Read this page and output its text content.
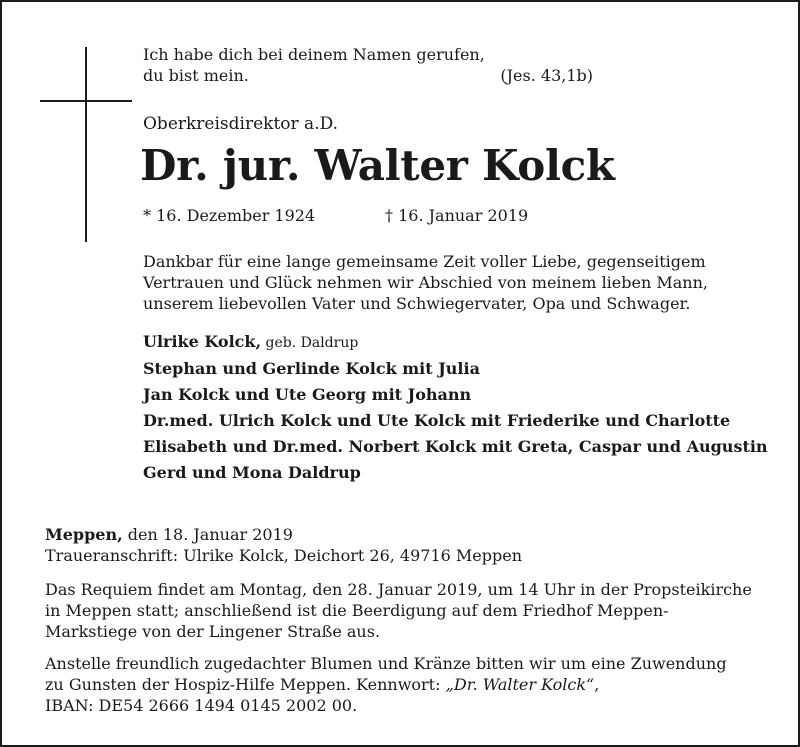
Ich habe dich bei deinem Namen gerufen,
du bist mein.	(Jes. 43,1b)
Oberkreisdirektor a.D.
Dr. jur. Walter Kolck
* 16. Dezember 1924	† 16. Januar 2019
Dankbar für eine lange gemeinsame Zeit voller Liebe, gegenseitigem
Vertrauen und Glück nehmen wir Abschied von meinem lieben Mann,
unserem liebevollen Vater und Schwiegervater, Opa und Schwager.
Ulrike Kolck, geb. Daldrup
Stephan und Gerlinde Kolck mit Julia
Jan Kolck und Ute Georg mit Johann
Dr.med. Ulrich Kolck und Ute Kolck mit Friederike und Charlotte
Elisabeth und Dr.med. Norbert Kolck mit Greta, Caspar und Augustin
Gerd und Mona Daldrup
Meppen, den 18. Januar 2019
Traueranschrift: Ulrike Kolck, Deichort 26, 49716 Meppen
Das Requiem findet am Montag, den 28. Januar 2019, um 14 Uhr in der Propsteikirche
in Meppen statt; anschließend ist die Beerdigung auf dem Friedhof Meppen-
Markstiege von der Lingener Straße aus.
Anstelle freundlich zugedachter Blumen und Kränze bitten wir um eine Zuwendung
zu Gunsten der Hospiz-Hilfe Meppen. Kennwort: „Dr. Walter Kolck“,
IBAN: DE54 2666 1494 0145 2002 00.
